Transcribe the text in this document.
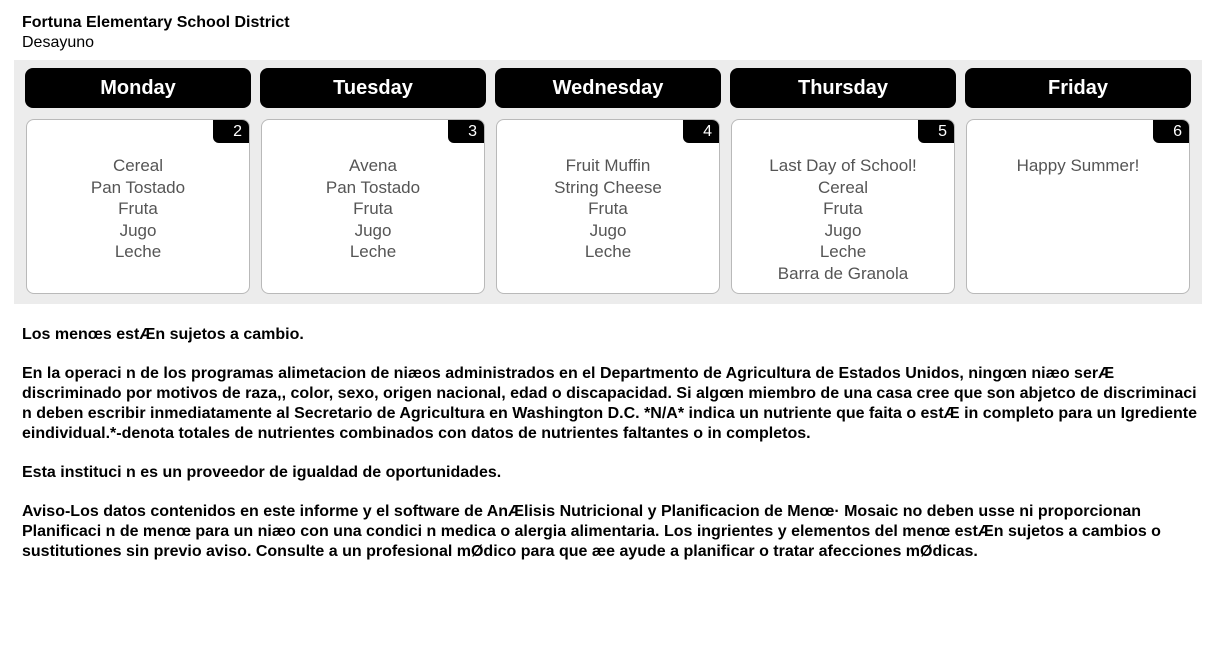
Fortuna Elementary School District
Desayuno
Monday
2
Cereal
Pan Tostado
Fruta
Jugo
Leche
Tuesday
3
Avena
Pan Tostado
Fruta
Jugo
Leche
Wednesday
4
Fruit Muffin
String Cheese
Fruta
Jugo
Leche
Thursday
5
Last Day of School!
Cereal
Fruta
Jugo
Leche
Barra de Granola
Friday
6
Happy Summer!

Los menœs estÆn sujetos a cambio.

En la operaci n de los programas alimetacion de niæos administrados en el Departmento de Agricultura de Estados Unidos, ningœn niæo serÆ discriminado por motivos de raza,, color, sexo, origen nacional, edad o discapacidad. Si algœn miembro de una casa cree que son abjetco de discriminaci n deben escribir inmediatamente al Secretario de Agricultura en Washington D.C. *N/A* indica un nutriente que faita o estÆ in completo para un Igrediente eindividual.*-denota totales de nutrientes combinados con datos de nutrientes faltantes o in completos.

Esta instituci n es un proveedor de igualdad de oportunidades.

Aviso-Los datos contenidos en este informe y el software de AnÆlisis Nutricional y Planificacion de Menœ· Mosaic no deben usse ni proporcionan Planificaci n de menœ para un niæo con una condici n medica o alergia alimentaria. Los ingrientes y elementos del menœ estÆn sujetos a cambios o sustitutiones sin previo aviso. Consulte a un profesional mØdico para que æe ayude a planificar o tratar afecciones mØdicas.
